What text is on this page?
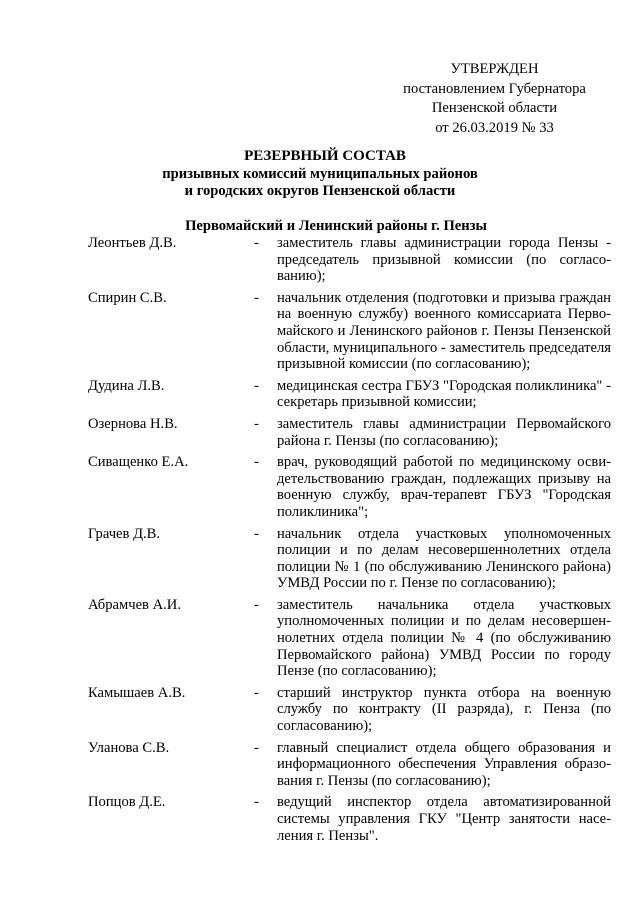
УТВЕРЖДЕН
постановлением Губернатора
Пензенской области
от 26.03.2019 № 33
РЕЗЕРВНЫЙ СОСТАВ
призывных комиссий муниципальных районов
и городских округов Пензенской области
Первомайский и Ленинский районы г. Пензы
Леонтьев Д.В.	- заместитель главы администрации города Пензы - председатель призывной комиссии (по согласованию);
Спирин С.В.	- начальник отделения (подготовки и призыва граждан на военную службу) военного комиссариата Первомайского и Ленинского районов г. Пензы Пензенской области, муниципального - заместитель председателя призывной комиссии (по согласованию);
Дудина Л.В.	- медицинская сестра ГБУЗ "Городская поликлиника" - секретарь призывной комиссии;
Озернова Н.В.	- заместитель главы администрации Первомайского района г. Пензы (по согласованию);
Сиващенко Е.А.	- врач, руководящий работой по медицинскому освидетельствованию граждан, подлежащих призыву на военную службу, врач-терапевт ГБУЗ "Городская поликлиника";
Грачев Д.В.	- начальник отдела участковых уполномоченных полиции и по делам несовершеннолетних отдела полиции № 1 (по обслуживанию Ленинского района) УМВД России по г. Пензе по согласованию);
Абрамчев А.И.	- заместитель начальника отдела участковых уполномоченных полиции и по делам несовершеннолетних отдела полиции № 4 (по обслуживанию Первомайского района) УМВД России по городу Пензе (по согласованию);
Камышаев А.В.	- старший инструктор пункта отбора на военную службу по контракту (II разряда), г. Пенза (по согласованию);
Уланова С.В.	- главный специалист отдела общего образования и информационного обеспечения Управления образования г. Пензы (по согласованию);
Попцов Д.Е.	- ведущий инспектор отдела автоматизированной системы управления ГКУ "Центр занятости населения г. Пензы".
